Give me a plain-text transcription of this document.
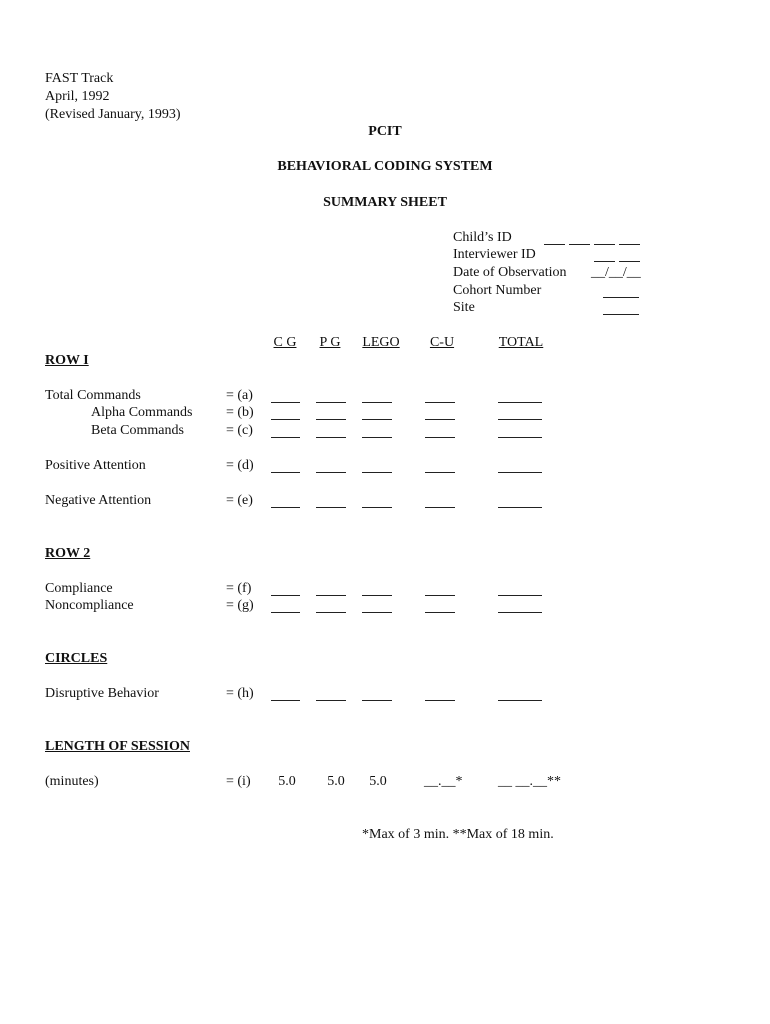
FAST Track
April, 1992
(Revised January, 1993)
PCIT
BEHAVIORAL CODING SYSTEM
SUMMARY SHEET
Child’s ID
Interviewer ID
Date of Observation __/__/__
Cohort Number
Site
C G	P G	LEGO	C-U	TOTAL
ROW I
Total Commands	= (a)
Alpha Commands = (b)
Beta Commands	= (c)
Positive Attention	= (d)
Negative Attention	= (e)
ROW 2
Compliance	= (f)
Noncompliance	= (g)
CIRCLES
Disruptive Behavior	= (h)
LENGTH OF SESSION
(minutes)	= (i)	5.0	5.0	5.0	__.__*	__ __.__**
*Max of 3 min. **Max of 18 min.
